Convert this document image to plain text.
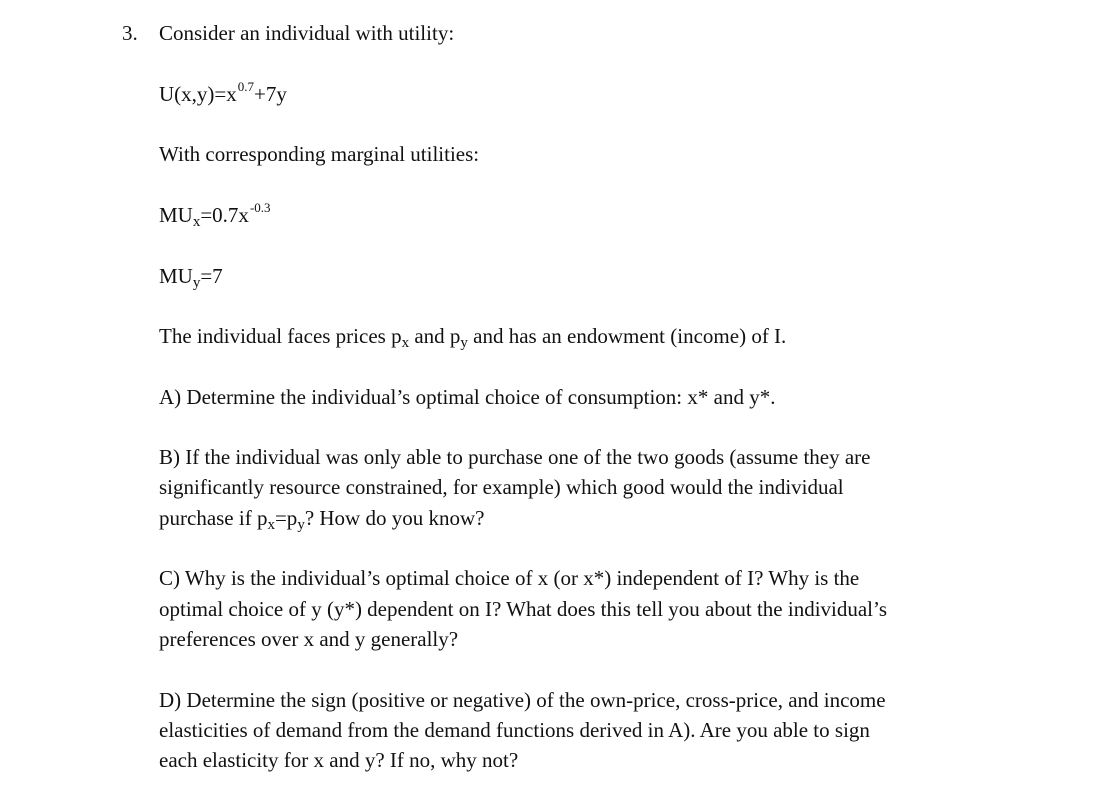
3. Consider an individual with utility:
$U(x,y)=x^{0.7}+7y$
With corresponding marginal utilities:
$MU_x=0.7x^{-0.3}$
$MU_y=7$
The individual faces prices $p_x$ and $p_y$ and has an endowment (income) of I.
A) Determine the individual’s optimal choice of consumption: x* and y*.
B) If the individual was only able to purchase one of the two goods (assume they are
significantly resource constrained, for example) which good would the individual
purchase if $p_x=p_y$? How do you know?
C) Why is the individual’s optimal choice of x (or x*) independent of I? Why is the
optimal choice of y (y*) dependent on I? What does this tell you about the individual’s
preferences over x and y generally?
D) Determine the sign (positive or negative) of the own-price, cross-price, and income
elasticities of demand from the demand functions derived in A). Are you able to sign
each elasticity for x and y? If no, why not?
